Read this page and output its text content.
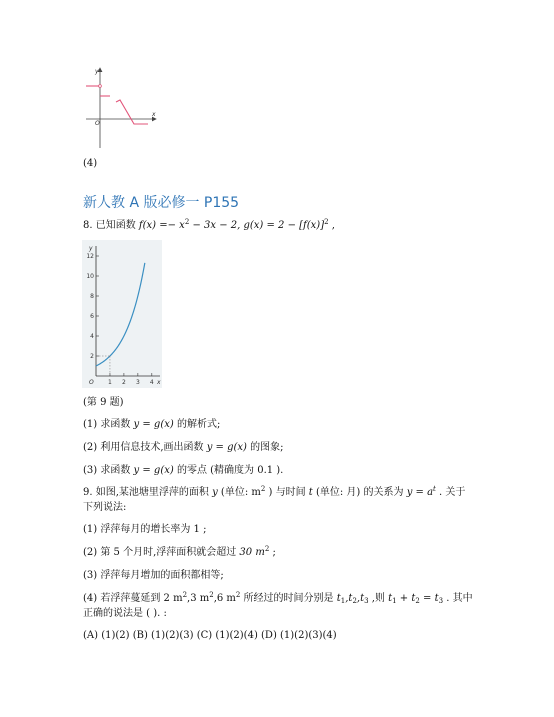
y
x
O
(4)
新人教 A 版必修一 P155
8. 已知函数 $f(x) =- x^2 - 3x - 2$, $g(x) = 2 - [f(x)]^2$ ,
y
x
O
2
4
6
8
10
12
1 2 3 4
(第 9 题)
(1) 求函数 y = g(x) 的解析式;
(2) 利用信息技术,画出函数 y = g(x) 的图象;
(3) 求函数 y = g(x) 的零点 (精确度为 0.1 ).
9. 如图,某池塘里浮萍的面积 y (单位: $m^2$ ) 与时间 t (单位: 月) 的关系为 $y = a^t$ . 关于
下列说法:
(1) 浮萍每月的增长率为 1 ;
(2) 第 5 个月时,浮萍面积就会超过 30 $m^2$ ;
(3) 浮萍每月增加的面积都相等;
(4) 若浮萍蔓延到 2 $m^2,3$ $m^2,6$ $m^2$ 所经过的时间分别是 $t_1,t_2,t_3$ ,则 $t_1 + t_2 = t_3$ . 其中
正确的说法是 ( ). :
(A) (1)(2) (B) (1)(2)(3) (C) (1)(2)(4) (D) (1)(2)(3)(4)
